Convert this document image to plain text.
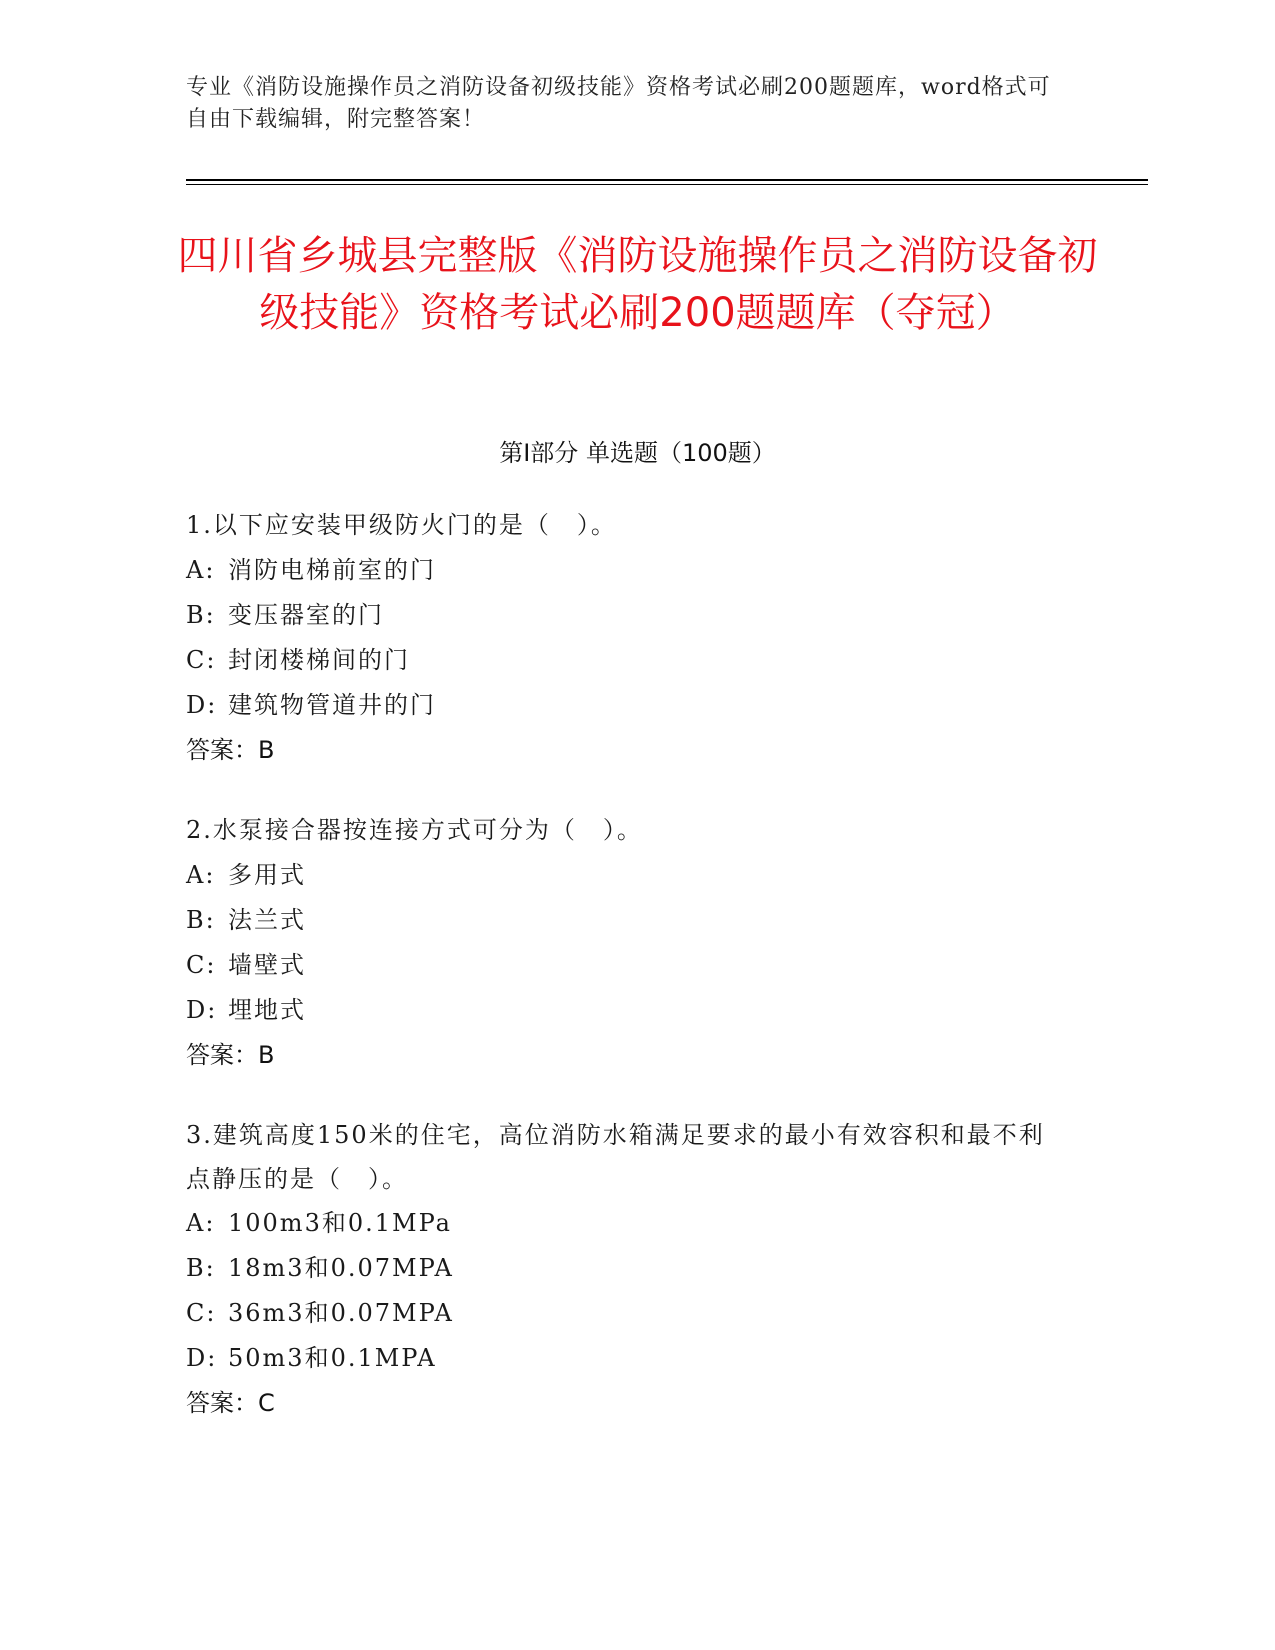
专业《消防设施操作员之消防设备初级技能》资格考试必刷200题题库，word格式可自由下载编辑，附完整答案！
四川省乡城县完整版《消防设施操作员之消防设备初级技能》资格考试必刷200题题库（夺冠）
第Ⅰ部分 单选题（100题）
1.以下应安装甲级防火门的是（　）。
A: 消防电梯前室的门
B: 变压器室的门
C: 封闭楼梯间的门
D: 建筑物管道井的门
答案：B
2.水泵接合器按连接方式可分为（　）。
A: 多用式
B: 法兰式
C: 墙壁式
D: 埋地式
答案：B
3.建筑高度150米的住宅，高位消防水箱满足要求的最小有效容积和最不利点静压的是（　）。
A: 100m3和0.1MPa
B: 18m3和0.07MPA
C: 36m3和0.07MPA
D: 50m3和0.1MPA
答案：C
